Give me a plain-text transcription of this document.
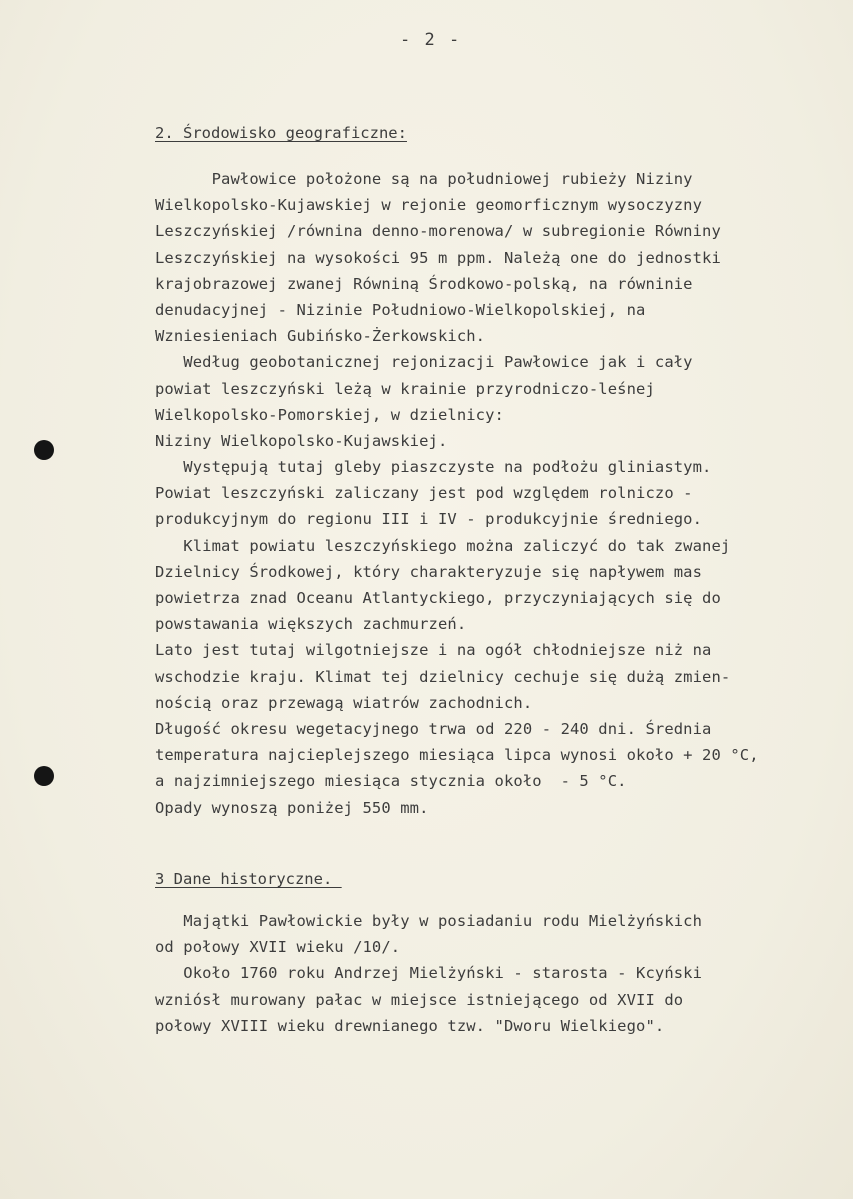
- 2 -
2. Środowisko geograficzne:
Pawłowice położone są na południowej rubieży Niziny
Wielkopolsko-Kujawskiej w rejonie geomorficznym wysoczyzny
Leszczyńskiej /równina denno-morenowa/ w subregionie Równiny
Leszczyńskiej na wysokości 95 m ppm. Należą one do jednostki
krajobrazowej zwanej Równiną Środkowo-polską, na równinie
denudacyjnej - Nizinie Południowo-Wielkopolskiej, na
Wzniesieniach Gubińsko-Żerkowskich.
Według geobotanicznej rejonizacji Pawłowice jak i cały
powiat leszczyński leżą w krainie przyrodniczo-leśnej
Wielkopolsko-Pomorskiej, w dzielnicy:
Niziny Wielkopolsko-Kujawskiej.
Występują tutaj gleby piaszczyste na podłożu gliniastym.
Powiat leszczyński zaliczany jest pod względem rolniczo -
produkcyjnym do regionu III i IV - produkcyjnie średniego.
Klimat powiatu leszczyńskiego można zaliczyć do tak zwanej
Dzielnicy Środkowej, który charakteryzuje się napływem mas
powietrza znad Oceanu Atlantyckiego, przyczyniających się do
powstawania większych zachmurzeń.
Lato jest tutaj wilgotniejsze i na ogół chłodniejsze niż na
wschodzie kraju. Klimat tej dzielnicy cechuje się dużą zmien-
nością oraz przewagą wiatrów zachodnich.
Długość okresu wegetacyjnego trwa od 220 - 240 dni. Średnia
temperatura najcieplejszego miesiąca lipca wynosi około + 20 °C,
a najzimniejszego miesiąca stycznia około  - 5 °C.
Opady wynoszą poniżej 550 mm.
3 Dane historyczne._
Majątki Pawłowickie były w posiadaniu rodu Mielżyńskich
od połowy XVII wieku /10/.
Około 1760 roku Andrzej Mielżyński - starosta - Kcyński
wzniósł murowany pałac w miejsce istniejącego od XVII do
połowy XVIII wieku drewnianego tzw. "Dworu Wielkiego".
